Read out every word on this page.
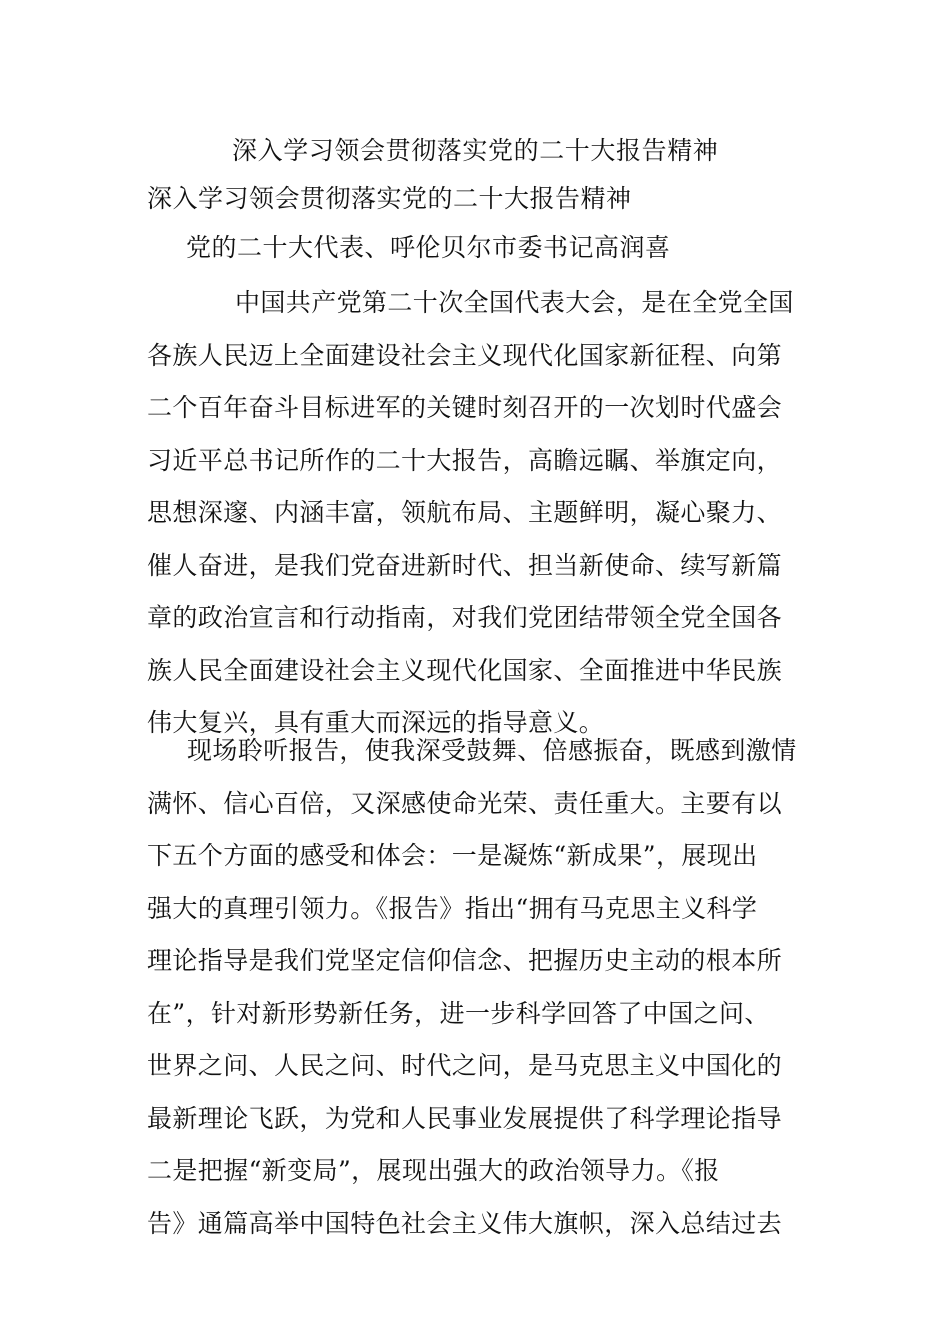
深入学习领会贯彻落实党的二十大报告精神
深入学习领会贯彻落实党的二十大报告精神
党的二十大代表、呼伦贝尔市委书记高润喜
中国共产党第二十次全国代表大会，是在全党全国
各族人民迈上全面建设社会主义现代化国家新征程、向第
二个百年奋斗目标进军的关键时刻召开的一次划时代盛会
习近平总书记所作的二十大报告，高瞻远瞩、举旗定向，
思想深邃、内涵丰富，领航布局、主题鲜明，凝心聚力、
催人奋进，是我们党奋进新时代、担当新使命、续写新篇
章的政治宣言和行动指南，对我们党团结带领全党全国各
族人民全面建设社会主义现代化国家、全面推进中华民族
伟大复兴，具有重大而深远的指导意义。
现场聆听报告，使我深受鼓舞、倍感振奋，既感到激情
满怀、信心百倍，又深感使命光荣、责任重大。主要有以
下五个方面的感受和体会：一是凝炼“新成果”，展现出
强大的真理引领力。《报告》指出“拥有马克思主义科学
理论指导是我们党坚定信仰信念、把握历史主动的根本所
在”，针对新形势新任务，进一步科学回答了中国之问、
世界之问、人民之问、时代之问，是马克思主义中国化的
最新理论飞跃，为党和人民事业发展提供了科学理论指导
二是把握“新变局”，展现出强大的政治领导力。《报
告》通篇高举中国特色社会主义伟大旗帜，深入总结过去
